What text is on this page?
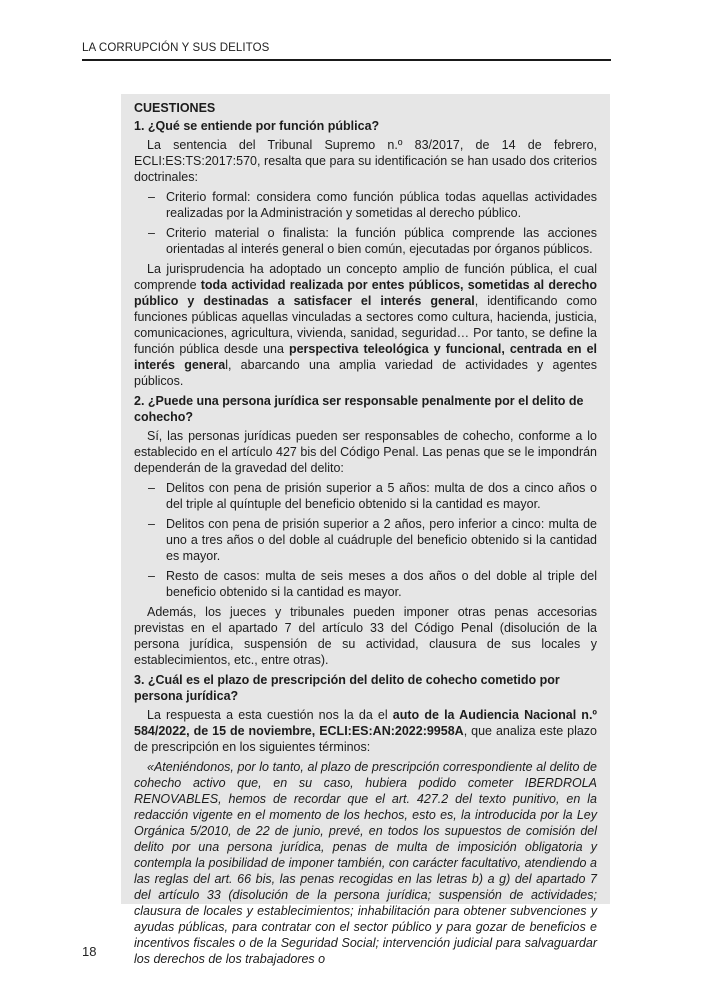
LA CORRUPCIÓN Y SUS DELITOS
CUESTIONES
1. ¿Qué se entiende por función pública?

La sentencia del Tribunal Supremo n.º 83/2017, de 14 de febrero, ECLI:ES:TS:2017:570, resalta que para su identificación se han usado dos criterios doctrinales:

– Criterio formal: considera como función pública todas aquellas actividades realizadas por la Administración y sometidas al derecho público.
– Criterio material o finalista: la función pública comprende las acciones orientadas al interés general o bien común, ejecutadas por órganos públicos.

La jurisprudencia ha adoptado un concepto amplio de función pública, el cual comprende toda actividad realizada por entes públicos, sometidas al derecho público y destinadas a satisfacer el interés general, identificando como funciones públicas aquellas vinculadas a sectores como cultura, hacienda, justicia, comunicaciones, agricultura, vivienda, sanidad, seguridad… Por tanto, se define la función pública desde una perspectiva teleológica y funcional, centrada en el interés general, abarcando una amplia variedad de actividades y agentes públicos.

2. ¿Puede una persona jurídica ser responsable penalmente por el delito de cohecho?

Sí, las personas jurídicas pueden ser responsables de cohecho, conforme a lo establecido en el artículo 427 bis del Código Penal. Las penas que se le impondrán dependerán de la gravedad del delito:

– Delitos con pena de prisión superior a 5 años: multa de dos a cinco años o del triple al quíntuple del beneficio obtenido si la cantidad es mayor.
– Delitos con pena de prisión superior a 2 años, pero inferior a cinco: multa de uno a tres años o del doble al cuádruple del beneficio obtenido si la cantidad es mayor.
– Resto de casos: multa de seis meses a dos años o del doble al triple del beneficio obtenido si la cantidad es mayor.

Además, los jueces y tribunales pueden imponer otras penas accesorias previstas en el apartado 7 del artículo 33 del Código Penal (disolución de la persona jurídica, suspensión de su actividad, clausura de sus locales y establecimientos, etc., entre otras).

3. ¿Cuál es el plazo de prescripción del delito de cohecho cometido por persona jurídica?

La respuesta a esta cuestión nos la da el auto de la Audiencia Nacional n.º 584/2022, de 15 de noviembre, ECLI:ES:AN:2022:9958A, que analiza este plazo de prescripción en los siguientes términos:

«Ateniéndonos, por lo tanto, al plazo de prescripción correspondiente al delito de cohecho activo que, en su caso, hubiera podido cometer IBERDROLA RENOVABLES, hemos de recordar que el art. 427.2 del texto punitivo, en la redacción vigente en el momento de los hechos, esto es, la introducida por la Ley Orgánica 5/2010, de 22 de junio, prevé, en todos los supuestos de comisión del delito por una persona jurídica, penas de multa de imposición obligatoria y contempla la posibilidad de imponer también, con carácter facultativo, atendiendo a las reglas del art. 66 bis, las penas recogidas en las letras b) a g) del apartado 7 del artículo 33 (disolución de la persona jurídica; suspensión de actividades; clausura de locales y establecimientos; inhabilitación para obtener subvenciones y ayudas públicas, para contratar con el sector público y para gozar de beneficios e incentivos fiscales o de la Seguridad Social; intervención judicial para salvaguardar los derechos de los trabajadores o

18
